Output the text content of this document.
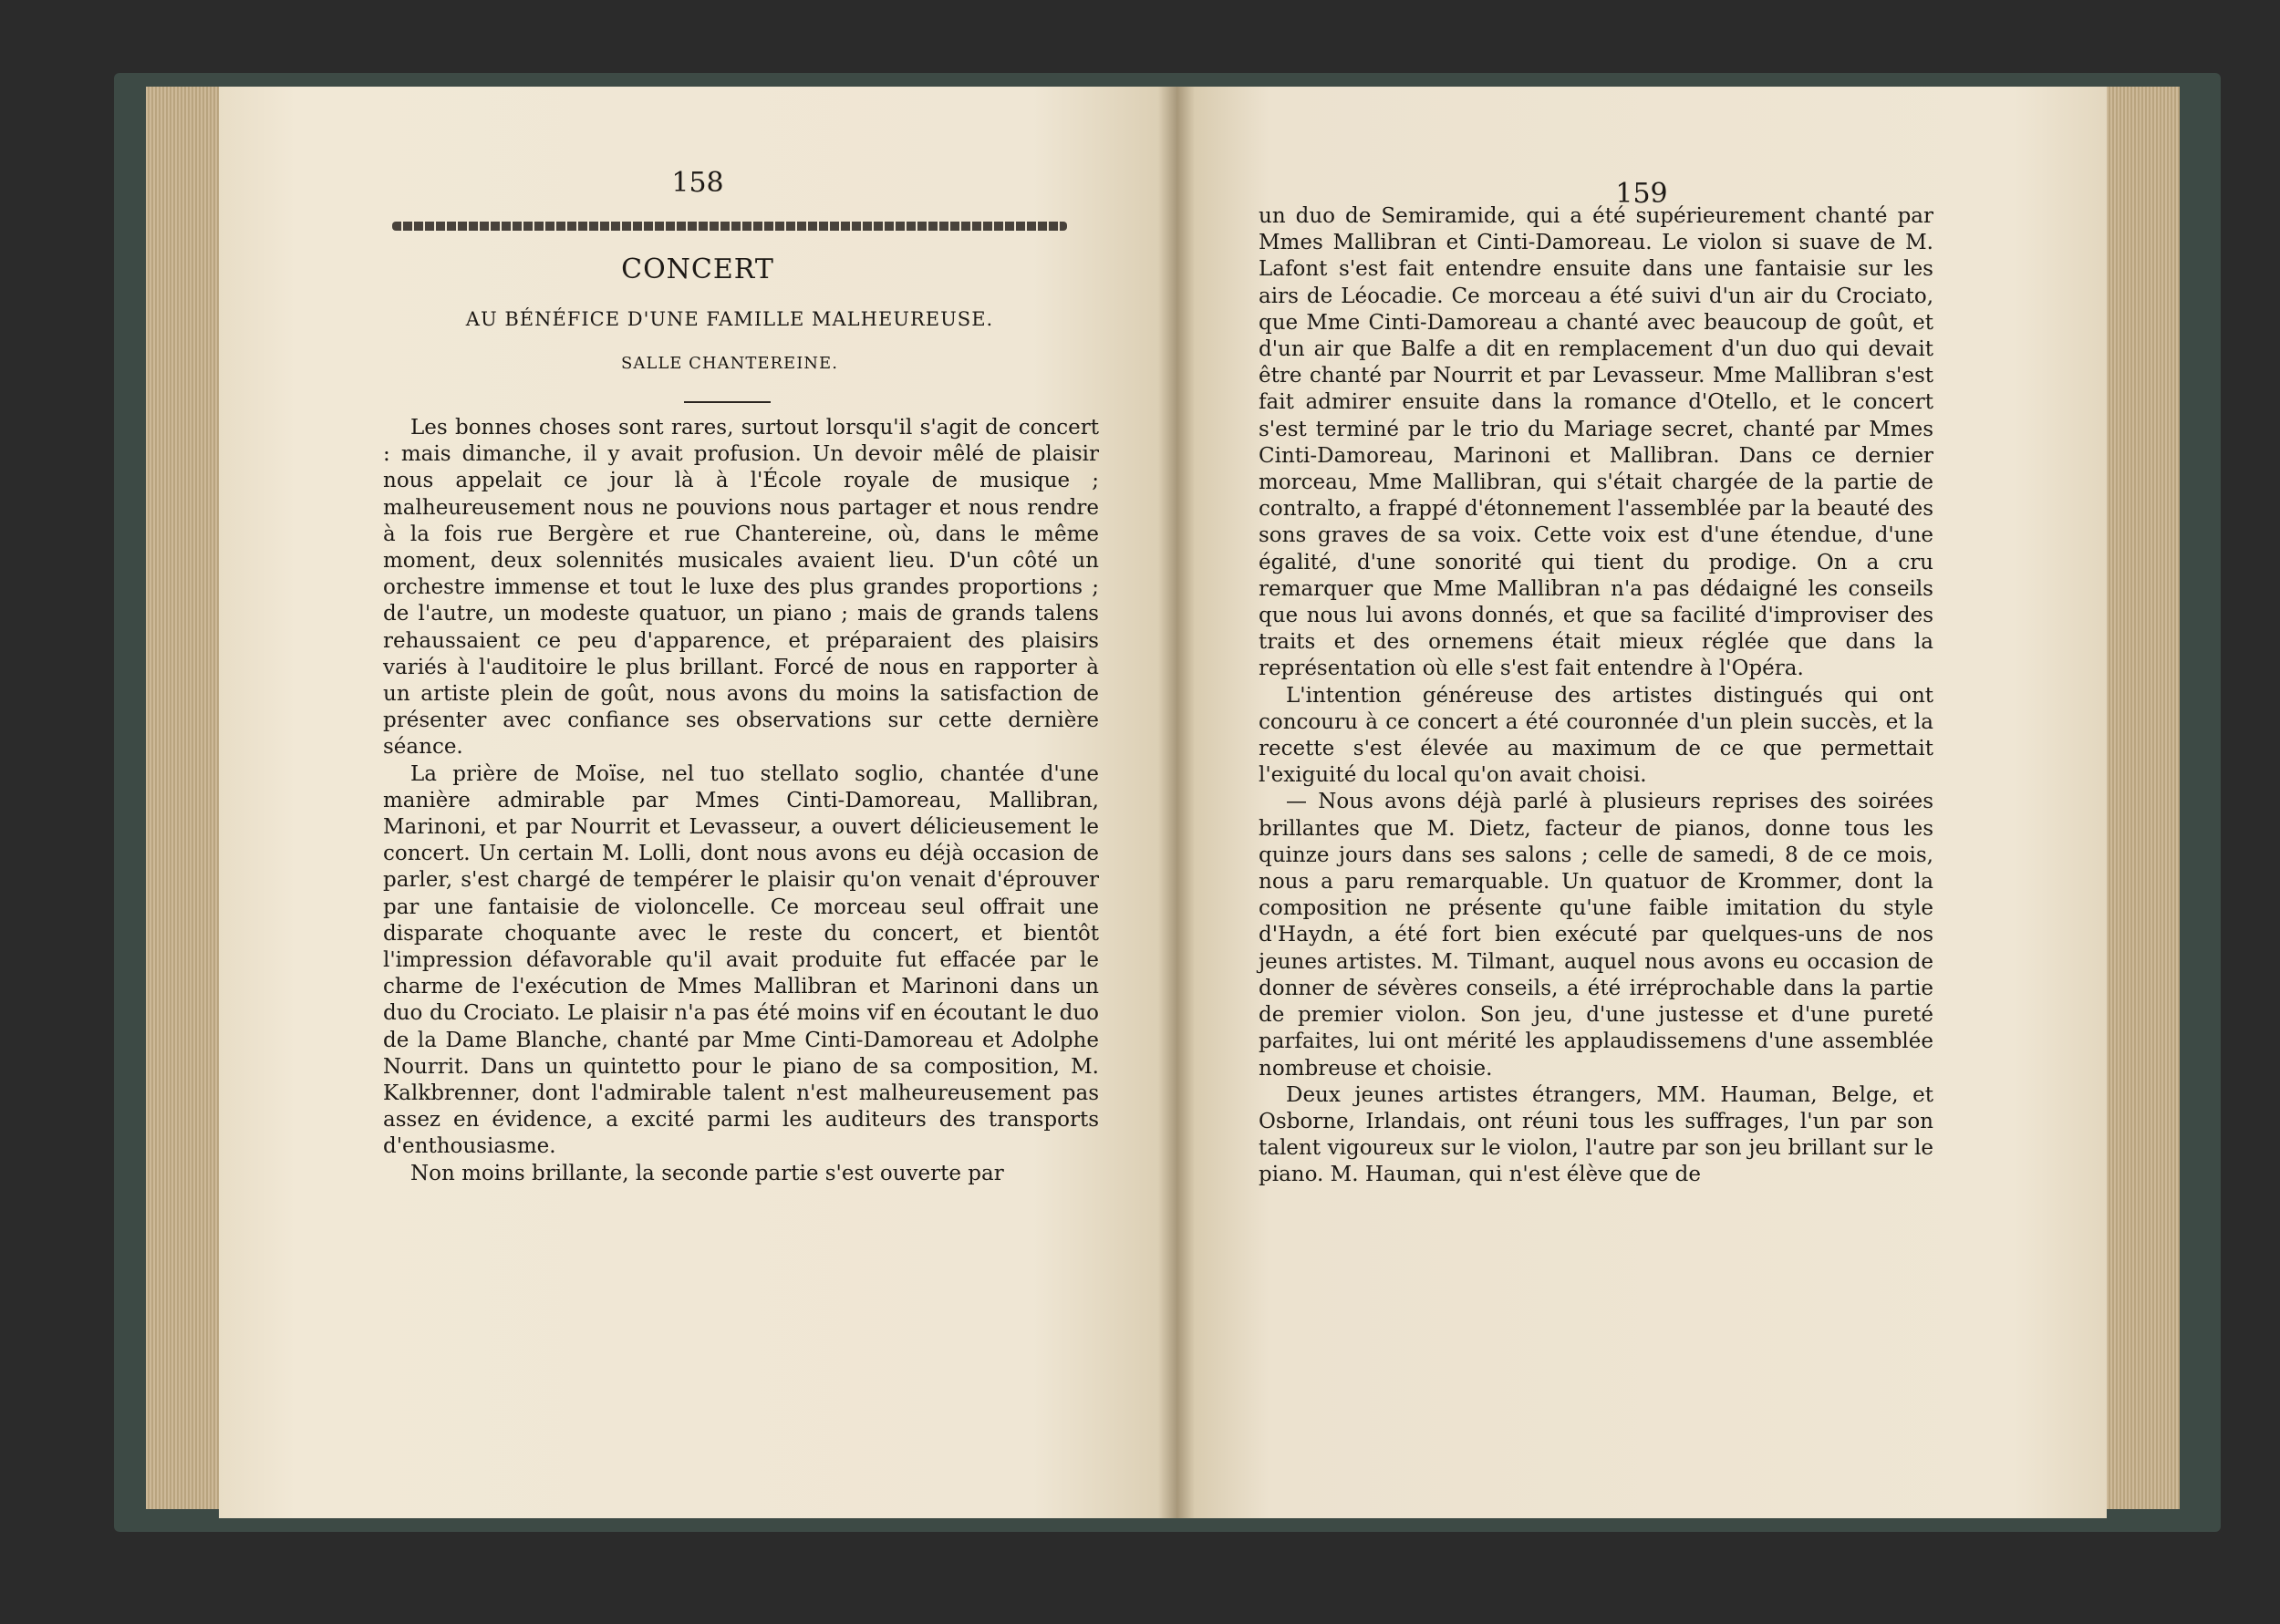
158
CONCERT
AU BÉNÉFICE D'UNE FAMILLE MALHEUREUSE.
SALLE CHANTEREINE.

Les bonnes choses sont rares, surtout lorsqu'il s'agit de concert : mais dimanche, il y avait profusion. Un devoir mêlé de plaisir nous appelait ce jour là à l'École royale de musique ; malheureusement nous ne pouvions nous partager et nous rendre à la fois rue Bergère et rue Chantereine, où, dans le même moment, deux solennités musicales avaient lieu. D'un côté un orchestre immense et tout le luxe des plus grandes proportions ; de l'autre, un modeste quatuor, un piano ; mais de grands talens rehaussaient ce peu d'apparence, et préparaient des plaisirs variés à l'auditoire le plus brillant. Forcé de nous en rapporter à un artiste plein de goût, nous avons du moins la satisfaction de présenter avec confiance ses observations sur cette dernière séance.

La prière de Moïse, nel tuo stellato soglio, chantée d'une manière admirable par Mmes Cinti-Damoreau, Mallibran, Marinoni, et par Nourrit et Levasseur, a ouvert délicieusement le concert. Un certain M. Lolli, dont nous avons eu déjà occasion de parler, s'est chargé de tempérer le plaisir qu'on venait d'éprouver par une fantaisie de violoncelle. Ce morceau seul offrait une disparate choquante avec le reste du concert, et bientôt l'impression défavorable qu'il avait produite fut effacée par le charme de l'exécution de Mmes Mallibran et Marinoni dans un duo du Crociato. Le plaisir n'a pas été moins vif en écoutant le duo de la Dame Blanche, chanté par Mme Cinti-Damoreau et Adolphe Nourrit. Dans un quintetto pour le piano de sa composition, M. Kalkbrenner, dont l'admirable talent n'est malheureusement pas assez en évidence, a excité parmi les auditeurs des transports d'enthousiasme.

Non moins brillante, la seconde partie s'est ouverte par

159

un duo de Semiramide, qui a été supérieurement chanté par Mmes Mallibran et Cinti-Damoreau. Le violon si suave de M. Lafont s'est fait entendre ensuite dans une fantaisie sur les airs de Léocadie. Ce morceau a été suivi d'un air du Crociato, que Mme Cinti-Damoreau a chanté avec beaucoup de goût, et d'un air que Balfe a dit en remplacement d'un duo qui devait être chanté par Nourrit et par Levasseur. Mme Mallibran s'est fait admirer ensuite dans la romance d'Otello, et le concert s'est terminé par le trio du Mariage secret, chanté par Mmes Cinti-Damoreau, Marinoni et Mallibran. Dans ce dernier morceau, Mme Mallibran, qui s'était chargée de la partie de contralto, a frappé d'étonnement l'assemblée par la beauté des sons graves de sa voix. Cette voix est d'une étendue, d'une égalité, d'une sonorité qui tient du prodige. On a cru remarquer que Mme Mallibran n'a pas dédaigné les conseils que nous lui avons donnés, et que sa facilité d'improviser des traits et des ornemens était mieux réglée que dans la représentation où elle s'est fait entendre à l'Opéra.

L'intention généreuse des artistes distingués qui ont concouru à ce concert a été couronnée d'un plein succès, et la recette s'est élevée au maximum de ce que permettait l'exiguité du local qu'on avait choisi.

— Nous avons déjà parlé à plusieurs reprises des soirées brillantes que M. Dietz, facteur de pianos, donne tous les quinze jours dans ses salons ; celle de samedi, 8 de ce mois, nous a paru remarquable. Un quatuor de Krommer, dont la composition ne présente qu'une faible imitation du style d'Haydn, a été fort bien exécuté par quelques-uns de nos jeunes artistes. M. Tilmant, auquel nous avons eu occasion de donner de sévères conseils, a été irréprochable dans la partie de premier violon. Son jeu, d'une justesse et d'une pureté parfaites, lui ont mérité les applaudissemens d'une assemblée nombreuse et choisie.

Deux jeunes artistes étrangers, MM. Hauman, Belge, et Osborne, Irlandais, ont réuni tous les suffrages, l'un par son talent vigoureux sur le violon, l'autre par son jeu brillant sur le piano. M. Hauman, qui n'est élève que de
